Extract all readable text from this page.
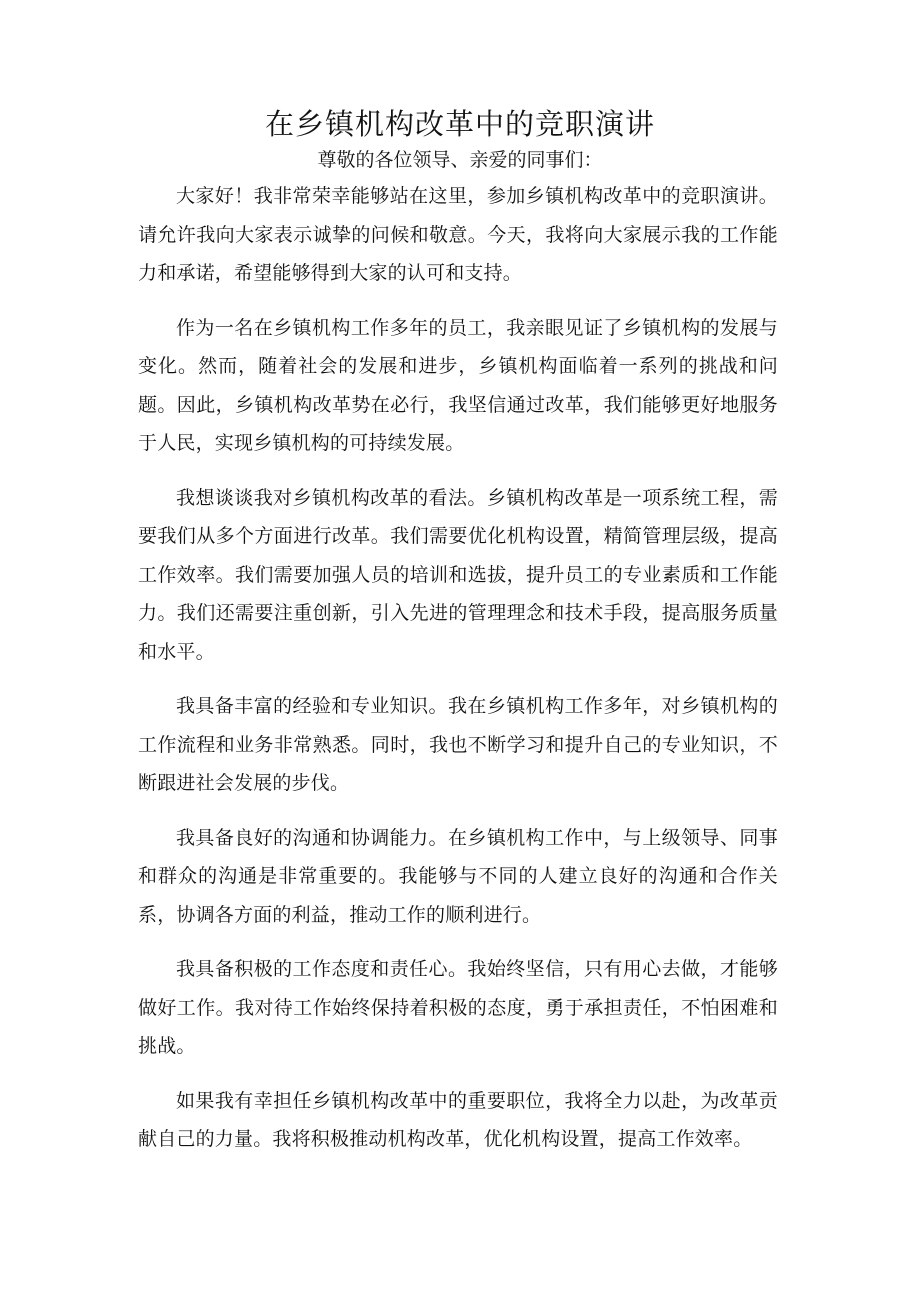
在乡镇机构改革中的竞职演讲

尊敬的各位领导、亲爱的同事们：

大家好！我非常荣幸能够站在这里，参加乡镇机构改革中的竞职演讲。请允许我向大家表示诚挚的问候和敬意。今天，我将向大家展示我的工作能力和承诺，希望能够得到大家的认可和支持。

作为一名在乡镇机构工作多年的员工，我亲眼见证了乡镇机构的发展与变化。然而，随着社会的发展和进步，乡镇机构面临着一系列的挑战和问题。因此，乡镇机构改革势在必行，我坚信通过改革，我们能够更好地服务于人民，实现乡镇机构的可持续发展。

我想谈谈我对乡镇机构改革的看法。乡镇机构改革是一项系统工程，需要我们从多个方面进行改革。我们需要优化机构设置，精简管理层级，提高工作效率。我们需要加强人员的培训和选拔，提升员工的专业素质和工作能力。我们还需要注重创新，引入先进的管理理念和技术手段，提高服务质量和水平。

我具备丰富的经验和专业知识。我在乡镇机构工作多年，对乡镇机构的工作流程和业务非常熟悉。同时，我也不断学习和提升自己的专业知识，不断跟进社会发展的步伐。

我具备良好的沟通和协调能力。在乡镇机构工作中，与上级领导、同事和群众的沟通是非常重要的。我能够与不同的人建立良好的沟通和合作关系，协调各方面的利益，推动工作的顺利进行。

我具备积极的工作态度和责任心。我始终坚信，只有用心去做，才能够做好工作。我对待工作始终保持着积极的态度，勇于承担责任，不怕困难和挑战。

如果我有幸担任乡镇机构改革中的重要职位，我将全力以赴，为改革贡献自己的力量。我将积极推动机构改革，优化机构设置，提高工作效率。
